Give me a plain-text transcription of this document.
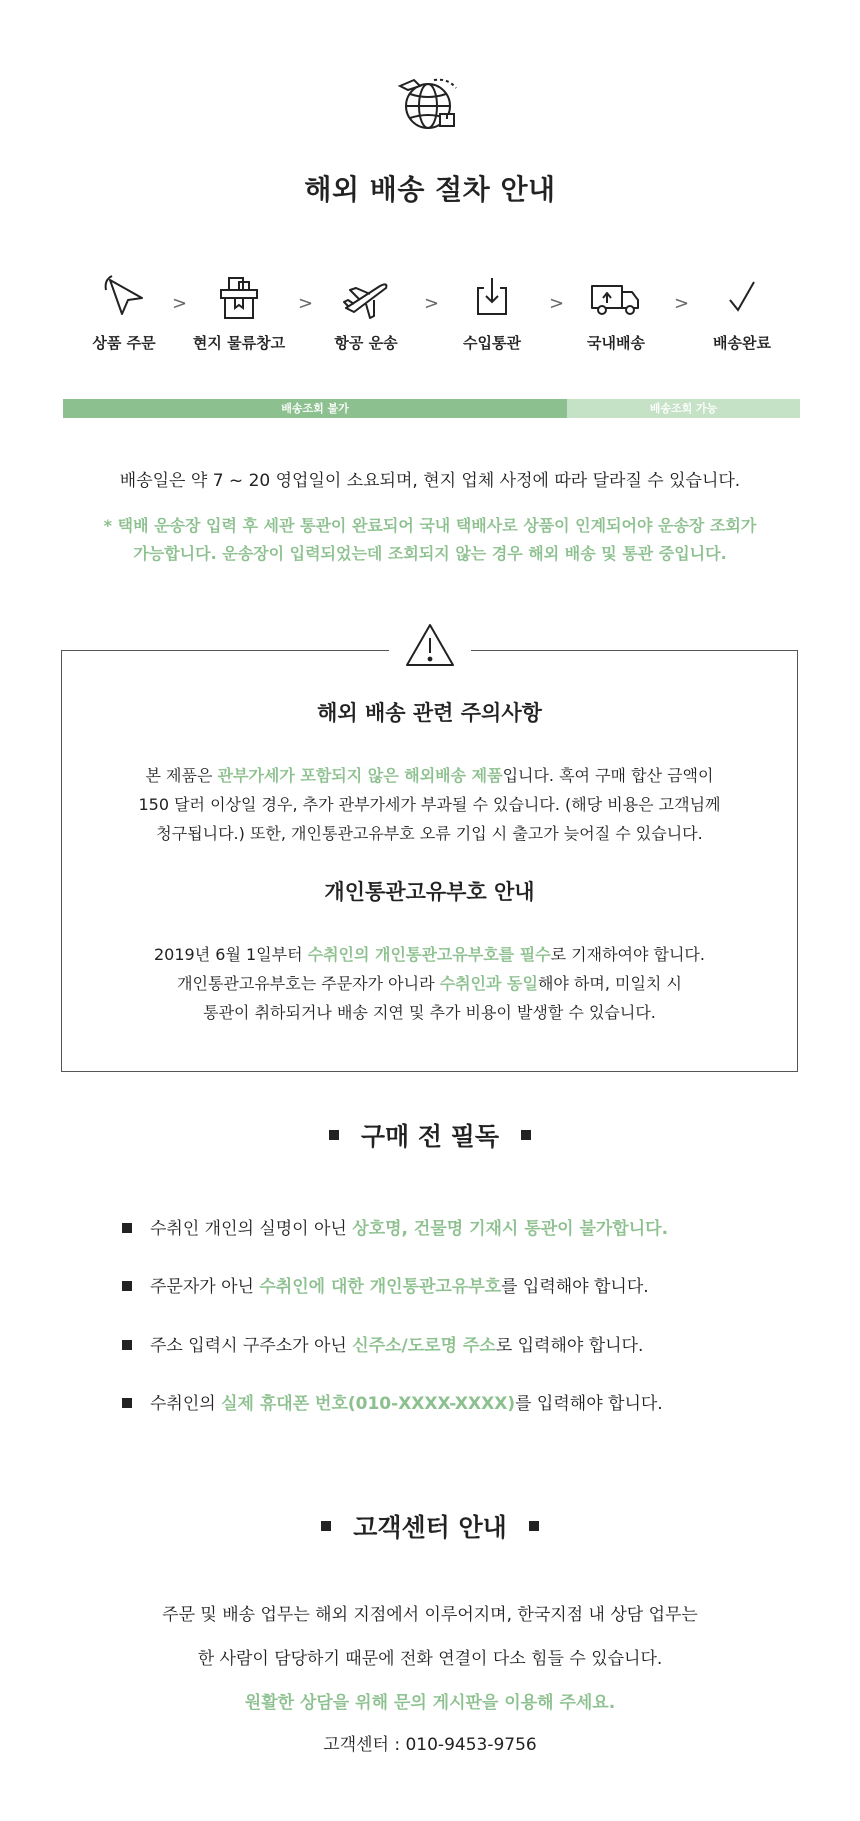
해외 배송 절차 안내
상품 주문
>
현지 물류창고
>
항공 운송
>
수입통관
>
국내배송
>
배송완료
배송조회 불가	배송조회 가능
배송일은 약 7 ~ 20 영업일이 소요되며, 현지 업체 사정에 따라 달라질 수 있습니다.
* 택배 운송장 입력 후 세관 통관이 완료되어 국내 택배사로 상품이 인계되어야 운송장 조회가
가능합니다. 운송장이 입력되었는데 조회되지 않는 경우 해외 배송 및 통관 중입니다.
해외 배송 관련 주의사항
본 제품은 관부가세가 포함되지 않은 해외배송 제품입니다. 혹여 구매 합산 금액이
150 달러 이상일 경우, 추가 관부가세가 부과될 수 있습니다. (해당 비용은 고객님께
청구됩니다.) 또한, 개인통관고유부호 오류 기입 시 출고가 늦어질 수 있습니다.
개인통관고유부호 안내
2019년 6월 1일부터 수취인의 개인통관고유부호를 필수로 기재하여야 합니다.
개인통관고유부호는 주문자가 아니라 수취인과 동일해야 하며, 미일치 시
통관이 취하되거나 배송 지연 및 추가 비용이 발생할 수 있습니다.
구매 전 필독
수취인 개인의 실명이 아닌 상호명, 건물명 기재시 통관이 불가합니다.
주문자가 아닌 수취인에 대한 개인통관고유부호를 입력해야 합니다.
주소 입력시 구주소가 아닌 신주소/도로명 주소로 입력해야 합니다.
수취인의 실제 휴대폰 번호(010-XXXX-XXXX)를 입력해야 합니다.
고객센터 안내
주문 및 배송 업무는 해외 지점에서 이루어지며, 한국지점 내 상담 업무는
한 사람이 담당하기 때문에 전화 연결이 다소 힘들 수 있습니다.
원활한 상담을 위해 문의 게시판을 이용해 주세요.
고객센터 : 010-9453-9756
